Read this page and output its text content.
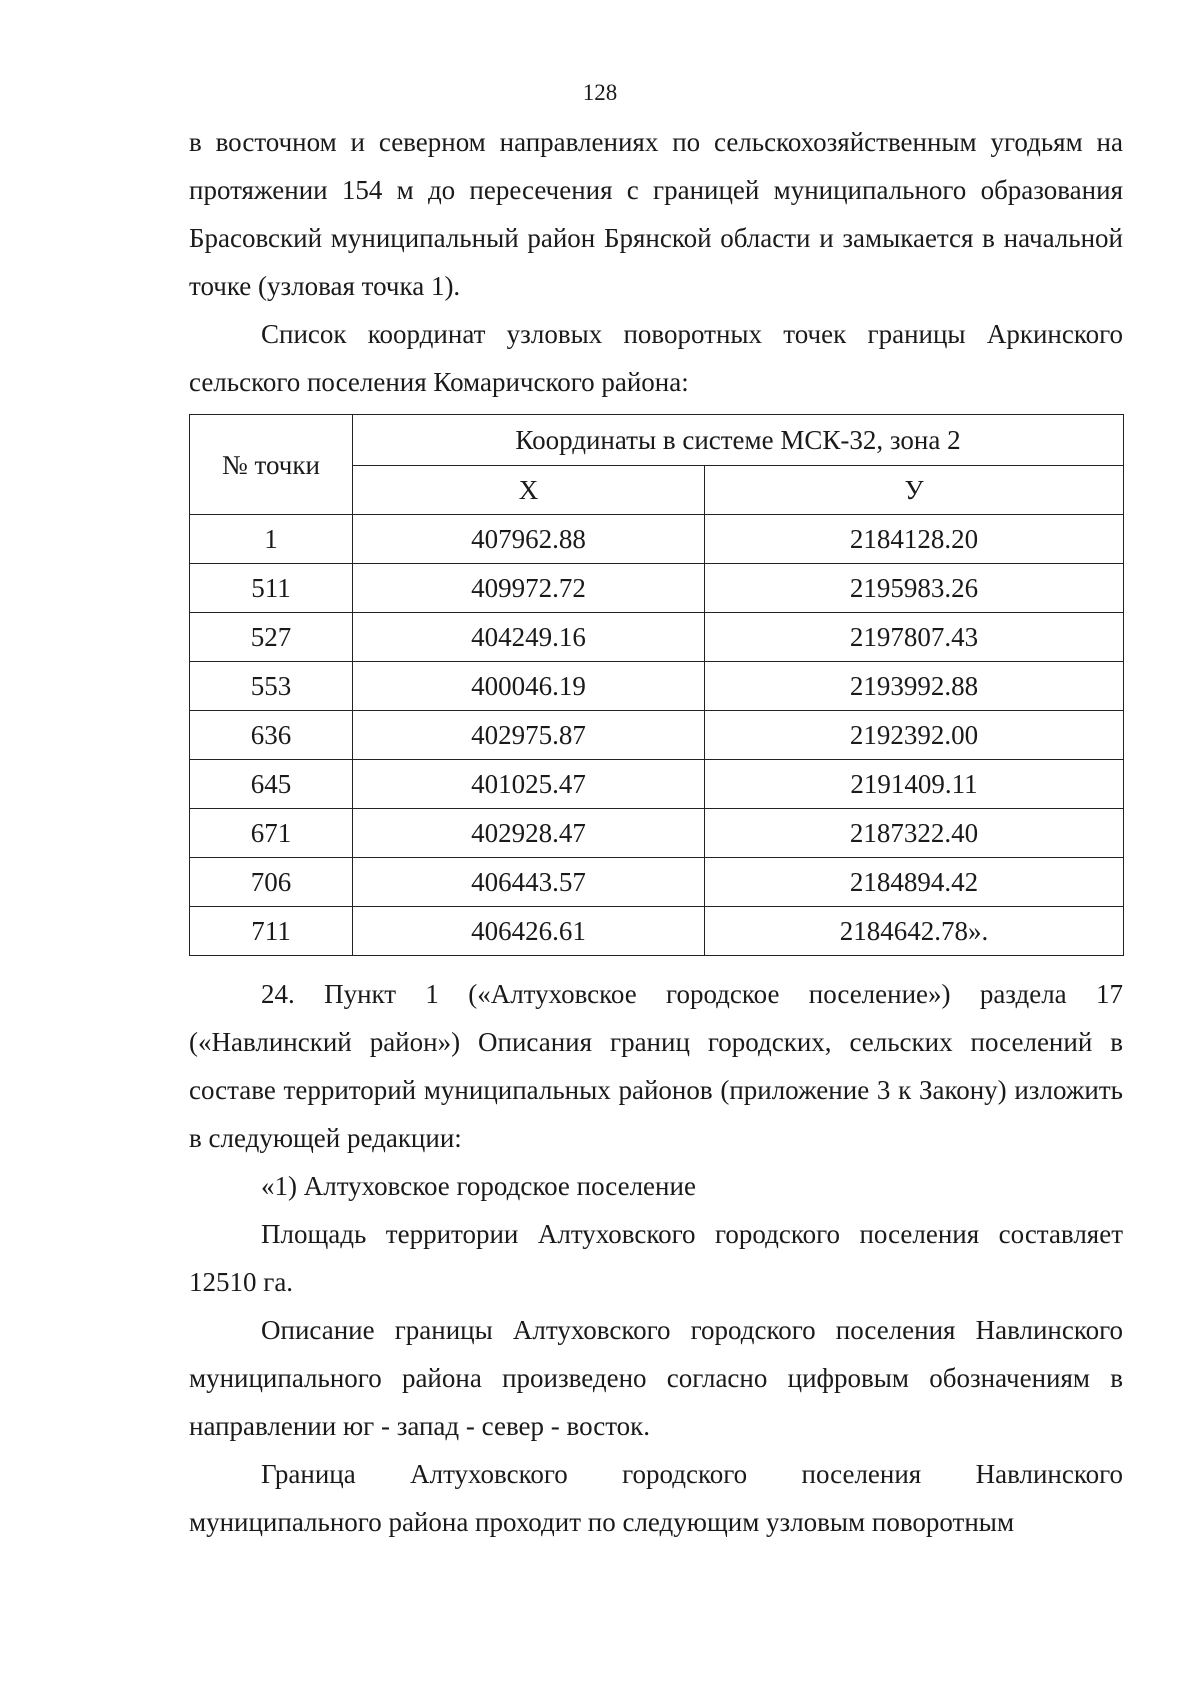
128

в восточном и северном направлениях по сельскохозяйственным угодьям на протяжении 154 м до пересечения с границей муниципального образования Брасовский муниципальный район Брянской области и замыкается в начальной точке (узловая точка 1).

Список координат узловых поворотных точек границы Аркинского сельского поселения Комаричского района:

№ точки	Координаты в системе МСК-32, зона 2	
	Х	У
1	407962.88	2184128.20
511	409972.72	2195983.26
527	404249.16	2197807.43
553	400046.19	2193992.88
636	402975.87	2192392.00
645	401025.47	2191409.11
671	402928.47	2187322.40
706	406443.57	2184894.42
711	406426.61	2184642.78».

24. Пункт 1 («Алтуховское городское поселение») раздела 17 («Навлинский район») Описания границ городских, сельских поселений в составе территорий муниципальных районов (приложение 3 к Закону) изложить в следующей редакции:

«1) Алтуховское городское поселение

Площадь территории Алтуховского городского поселения составляет 12510 га.

Описание границы Алтуховского городского поселения Навлинского муниципального района произведено согласно цифровым обозначениям в направлении юг - запад - север - восток.

Граница Алтуховского городского поселения Навлинского муниципального района проходит по следующим узловым поворотным
